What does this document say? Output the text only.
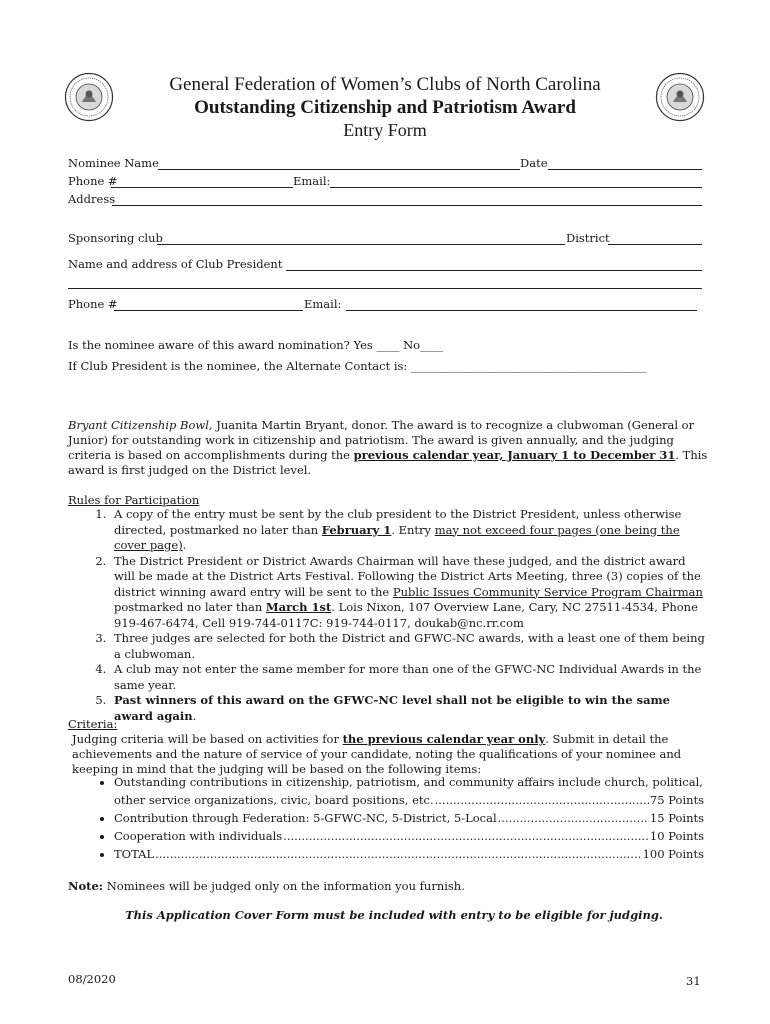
General Federation of Women’s Clubs of North Carolina
Outstanding Citizenship and Patriotism Award
Entry Form
Nominee Name	Date
Phone #	Email:
Address
Sponsoring club	District
Name and address of Club President
Phone #	Email:
Is the nominee aware of this award nomination? Yes ____ No____
If Club President is the nominee, the Alternate Contact is: _________________________________________
Bryant Citizenship Bowl, Juanita Martin Bryant, donor. The award is to recognize a clubwoman (General or Junior) for outstanding work in citizenship and patriotism. The award is given annually, and the judging criteria is based on accomplishments during the previous calendar year, January 1 to December 31. This award is first judged on the District level.
Rules for Participation
1. A copy of the entry must be sent by the club president to the District President, unless otherwise directed, postmarked no later than February 1. Entry may not exceed four pages (one being the cover page).
2. The District President or District Awards Chairman will have these judged, and the district award will be made at the District Arts Festival. Following the District Arts Meeting, three (3) copies of the district winning award entry will be sent to the Public Issues Community Service Program Chairman postmarked no later than March 1st. Lois Nixon, 107 Overview Lane, Cary, NC 27511-4534, Phone 919-467-6474, Cell 919-744-0117C: 919-744-0117, doukab@nc.rr.com
3. Three judges are selected for both the District and GFWC-NC awards, with a least one of them being a clubwoman.
4. A club may not enter the same member for more than one of the GFWC-NC Individual Awards in the same year.
5. Past winners of this award on the GFWC-NC level shall not be eligible to win the same award again.
Criteria:
Judging criteria will be based on activities for the previous calendar year only. Submit in detail the achievements and the nature of service of your candidate, noting the qualifications of your nominee and keeping in mind that the judging will be based on the following items:
• Outstanding contributions in citizenship, patriotism, and community affairs include church, political,
other service organizations, civic, board positions, etc. .....	75 Points
• Contribution through Federation: 5-GFWC-NC, 5-District, 5-Local .....	15 Points
• Cooperation with individuals .....	10 Points
• TOTAL .....	100 Points
Note: Nominees will be judged only on the information you furnish.
This Application Cover Form must be included with entry to be eligible for judging.
08/2020	31
